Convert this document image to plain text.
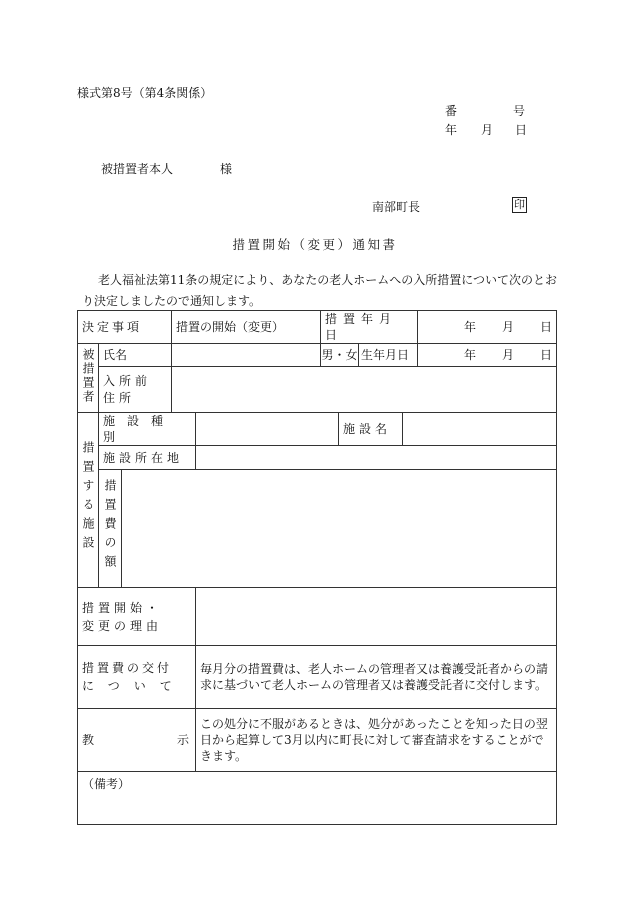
様式第8号（第4条関係）
番	号
年 月 日
被措置者本人	様
南部町長	印
措置開始（変更）通知書
老人福祉法第11条の規定により、あなたの老人ホームへの入所措置について次のとおり決定しましたので通知します。
決定事項			措置の開始（変更）		措置年月日				年 月 日

被措置者	氏名				男・女		生年月日		年 月 日

	入所前
住所								

措置する施設	施設種別					施設名			
	施設所在地								
	措置費の額								

措置開始・
変更の理由									

措置費の交付
について				毎月分の措置費は、老人ホームの管理者又は養護受託者からの請求に基づいて老人ホームの管理者又は養護受託者に交付します。					

教 示				この処分に不服があるときは、処分があったことを知った日の翌日から起算して3月以内に町長に対して審査請求をすることができます。					
（備考）									
